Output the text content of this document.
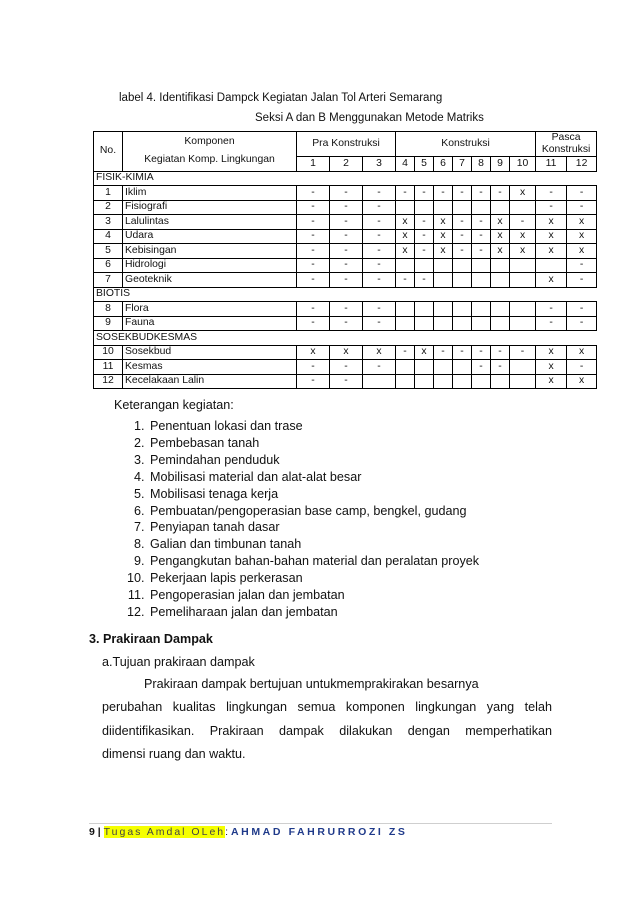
label 4. Identifikasi Dampck Kegiatan Jalan Tol Arteri Semarang
Seksi A dan B Menggunakan Metode Matriks
No.	Komponen
Kegiatan Komp. Lingkungan	Pra Konstruksi			Konstruksi							Pasca Konstruksi	

		1	2	3	4	5	6	7	8	9	10	11	12
FISIK-KIMIA													
1	Iklim	-	-	-	-	-	-	-	-	-	x	-	-
2	Fisiografi	-	-	-								-	-
3	Lalulintas	-	-	-	x	-	x	-	-	x	-	x	x
4	Udara	-	-	-	x	-	x	-	-	x	x	x	x
5	Kebisingan	-	-	-	x	-	x	-	-	x	x	x	x
6	Hidrologi	-	-	-									-
7	Geoteknik	-	-	-	-	-						x	-
BIOTIS													
8	Flora	-	-	-								-	-
9	Fauna	-	-	-								-	-
SOSEKBUDKESMAS													
10	Sosekbud	x	x	x	-	x	-	-	-	-	-	x	x
11	Kesmas	-	-	-					-	-		x	-
12	Kecelakaan Lalin	-	-									x	x
Keterangan kegiatan:
1. Penentuan lokasi dan trase
2. Pembebasan tanah
3. Pemindahan penduduk
4. Mobilisasi material dan alat-alat besar
5. Mobilisasi tenaga kerja
6. Pembuatan/pengoperasian base camp, bengkel, gudang
7. Penyiapan tanah dasar
8. Galian dan timbunan tanah
9. Pengangkutan bahan-bahan material dan peralatan proyek
10. Pekerjaan lapis perkerasan
11. Pengoperasian jalan dan jembatan
12. Pemeliharaan jalan dan jembatan
3. Prakiraan Dampak
a.Tujuan prakiraan dampak
Prakiraan dampak bertujuan untukmemprakirakan besarnya
perubahan kualitas lingkungan semua komponen lingkungan yang telah
diidentifikasikan. Prakiraan dampak dilakukan dengan memperhatikan
dimensi ruang dan waktu.
9 | Tugas Amdal OLeh: AHMAD FAHRURROZI ZS
